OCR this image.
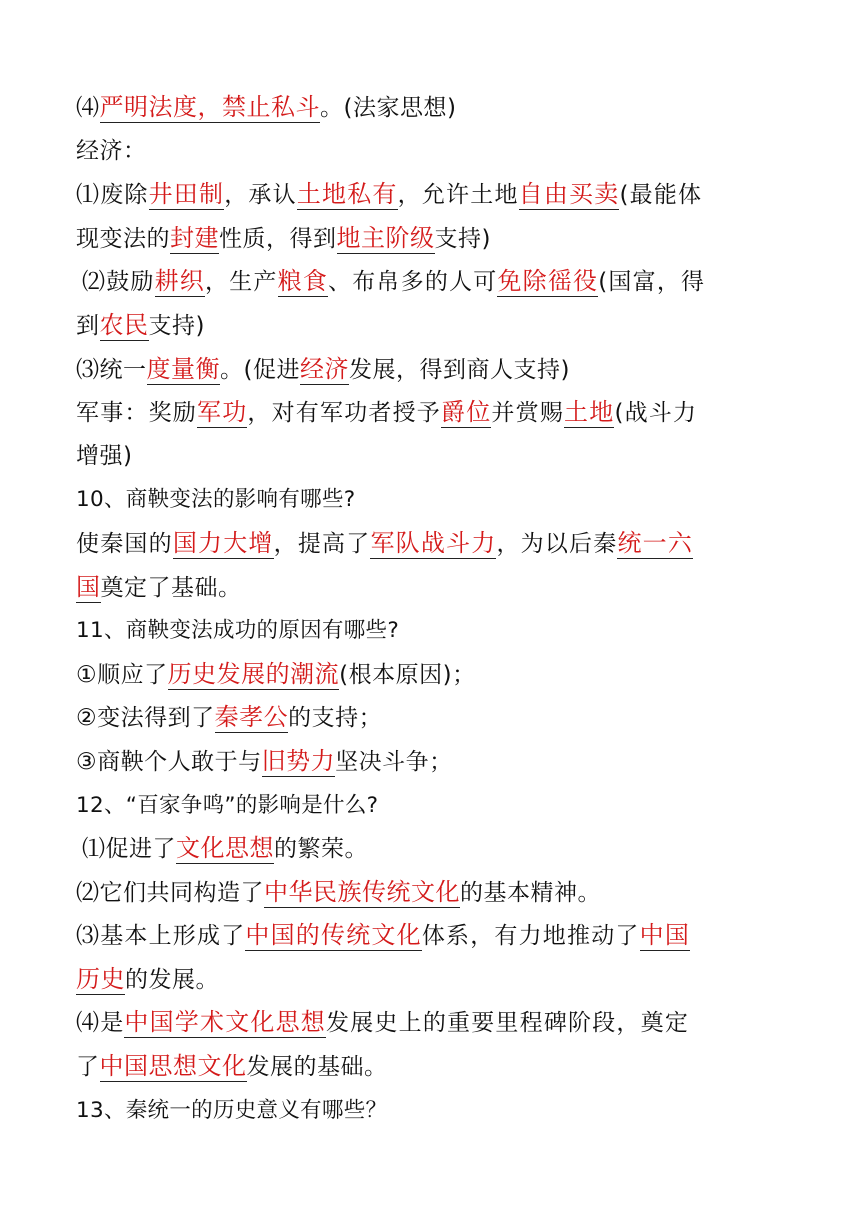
⑷严明法度，禁止私斗。(法家思想)
经济：
⑴废除井田制，承认土地私有，允许土地自由买卖(最能体
现变法的封建性质，得到地主阶级支持)
⑵鼓励耕织，生产粮食、布帛多的人可免除徭役(国富，得
到农民支持)
⑶统一度量衡。(促进经济发展，得到商人支持)
军事：奖励军功，对有军功者授予爵位并赏赐土地(战斗力
增强)
10、商鞅变法的影响有哪些?
使秦国的国力大增，提高了军队战斗力，为以后秦统一六
国奠定了基础。
11、商鞅变法成功的原因有哪些?
①顺应了历史发展的潮流(根本原因)；
②变法得到了秦孝公的支持；
③商鞅个人敢于与旧势力坚决斗争；
12、“百家争鸣”的影响是什么?
⑴促进了文化思想的繁荣。
⑵它们共同构造了中华民族传统文化的基本精神。
⑶基本上形成了中国的传统文化体系，有力地推动了中国
历史的发展。
⑷是中国学术文化思想发展史上的重要里程碑阶段，奠定
了中国思想文化发展的基础。
13、秦统一的历史意义有哪些？
